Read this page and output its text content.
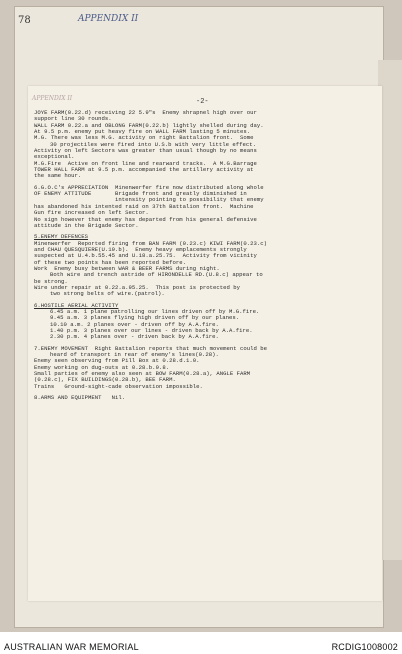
78	APPENDIX II
APPENDIX II	-2-
JOYE FARM(0.22.d) receiving 22 5.9"s  Enemy shrapnel high over our
support line 30 rounds.
WALL FARM 0.22.a and OBLONG FARM(0.22.b) lightly shelled during day.
At 9.5 p.m. enemy put heavy fire on WALL FARM lasting 5 minutes.
M.G. There was less M.G. activity on right Battalion front.  Some
30 projectiles were fired into U.S.b with very little effect.
Activity on left Sectors was greater than usual though by no means
exceptional.
M.G.Fire  Active on front line and rearward tracks.  A M.G.Barrage
TOWER HALL FARM at 9.5 p.m. accompanied the artillery activity at
the same hour.
6.G.O.C's APPRECIATION  Minenwerfer fire now distributed along whole
OF ENEMY ATTITUDE       Brigade front and greatly diminished in
intensity pointing to possibility that enemy
has abandoned his intented raid on 37th Battalion front.  Machine
Gun fire increased on left Sector.
No sign however that enemy has departed from his general defensive
attitude in the Brigade Sector.
5.ENEMY DEFENCES
Minenwerfer  Reported firing from BAN FARM (0.23.c) KIWI FARM(0.23.c)
and CHAU QUESQUIERE(U.19.b).  Enemy heavy emplacements strongly
suspected at U.4.b.55.45 and U.18.a.25.75.  Activity from vicinity
of these two points has been reported before.
Work  Enemy busy between WAR & BEER FARMS during night.
Both wire and trench astride of HIRONDELLE RD.(U.8.c) appear to
be strong.
Wire under repair at 0.22.a.95.25.  This post is protected by
two strong belts of wire.(patrol).
6.HOSTILE AERIAL ACTIVITY
6.45 a.m. 1 plane patrolling our lines driven off by M.G.fire.
9.45 a.m. 3 planes flying high driven off by our planes.
10.10 a.m. 2 planes over - driven off by A.A.fire.
1.40 p.m. 3 planes over our lines - driven back by A.A.fire.
2.30 p.m. 4 planes over - driven back by A.A.fire.
7.ENEMY MOVEMENT  Right Battalion reports that much movement could be
heard of transport in rear of enemy's lines(0.28).
Enemy seen observing from Pill Box at 0.28.d.1.0.
Enemy working on dug-outs at 0.28.b.9.8.
Small parties of enemy also seen at BOW FARM(0.28.a), ANGLE FARM
(0.28.c), FIX BUILDINGS(0.28.b), BEE FARM.
Trains   Ground-sight-cade observation impossible.
8.ARMS AND EQUIPMENT   Nil.
AUSTRALIAN WAR MEMORIAL	RCDIG1008002
